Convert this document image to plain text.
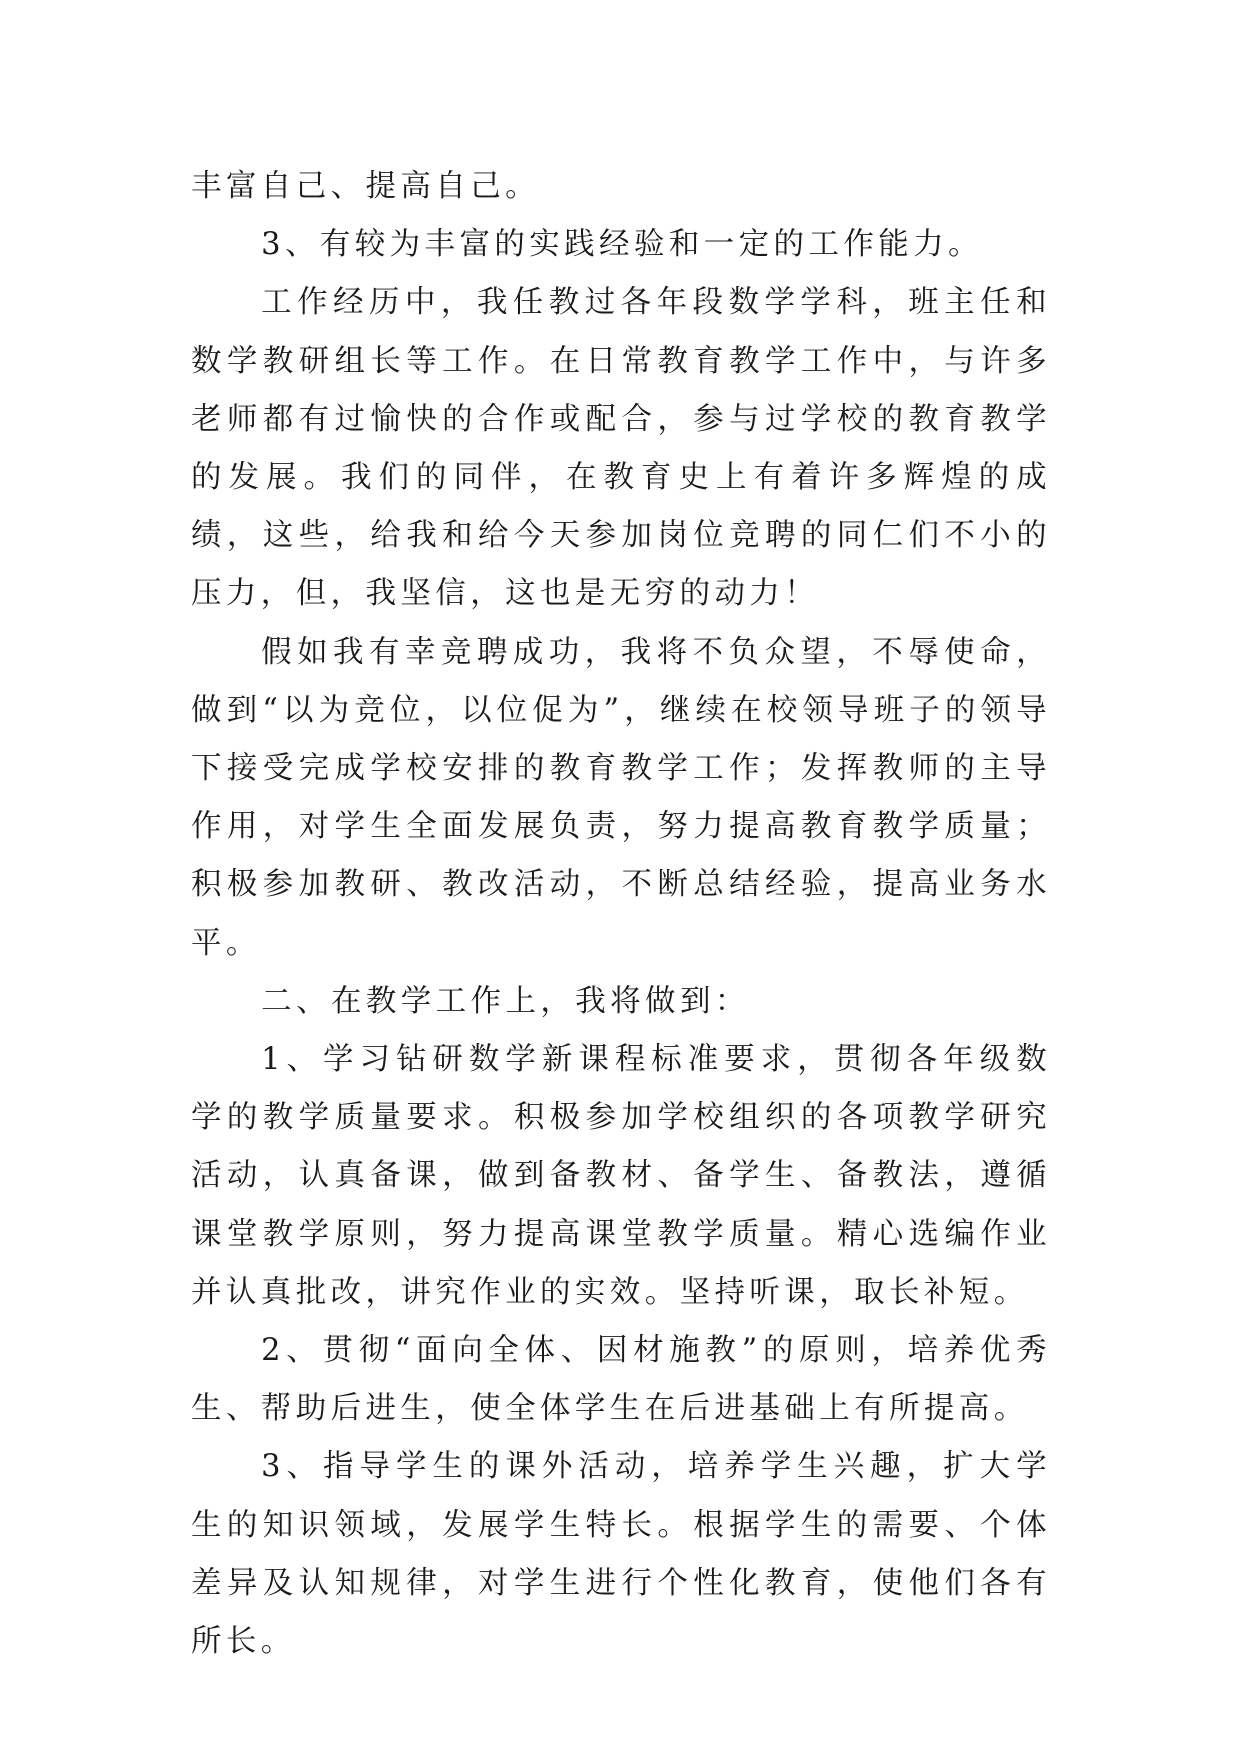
丰富自己、提高自己。

3、有较为丰富的实践经验和一定的工作能力。

工作经历中，我任教过各年段数学学科，班主任和数学教研组长等工作。在日常教育教学工作中，与许多老师都有过愉快的合作或配合，参与过学校的教育教学的发展。我们的同伴，在教育史上有着许多辉煌的成绩，这些，给我和给今天参加岗位竞聘的同仁们不小的压力，但，我坚信，这也是无穷的动力！

假如我有幸竞聘成功，我将不负众望，不辱使命，做到“以为竞位，以位促为”，继续在校领导班子的领导下接受完成学校安排的教育教学工作；发挥教师的主导作用，对学生全面发展负责，努力提高教育教学质量；积极参加教研、教改活动，不断总结经验，提高业务水平。

二、在教学工作上，我将做到：

1、学习钻研数学新课程标准要求，贯彻各年级数学的教学质量要求。积极参加学校组织的各项教学研究活动，认真备课，做到备教材、备学生、备教法，遵循课堂教学原则，努力提高课堂教学质量。精心选编作业并认真批改，讲究作业的实效。坚持听课，取长补短。

2、贯彻“面向全体、因材施教”的原则，培养优秀生、帮助后进生，使全体学生在后进基础上有所提高。

3、指导学生的课外活动，培养学生兴趣，扩大学生的知识领域，发展学生特长。根据学生的需要、个体差异及认知规律，对学生进行个性化教育，使他们各有所长。
